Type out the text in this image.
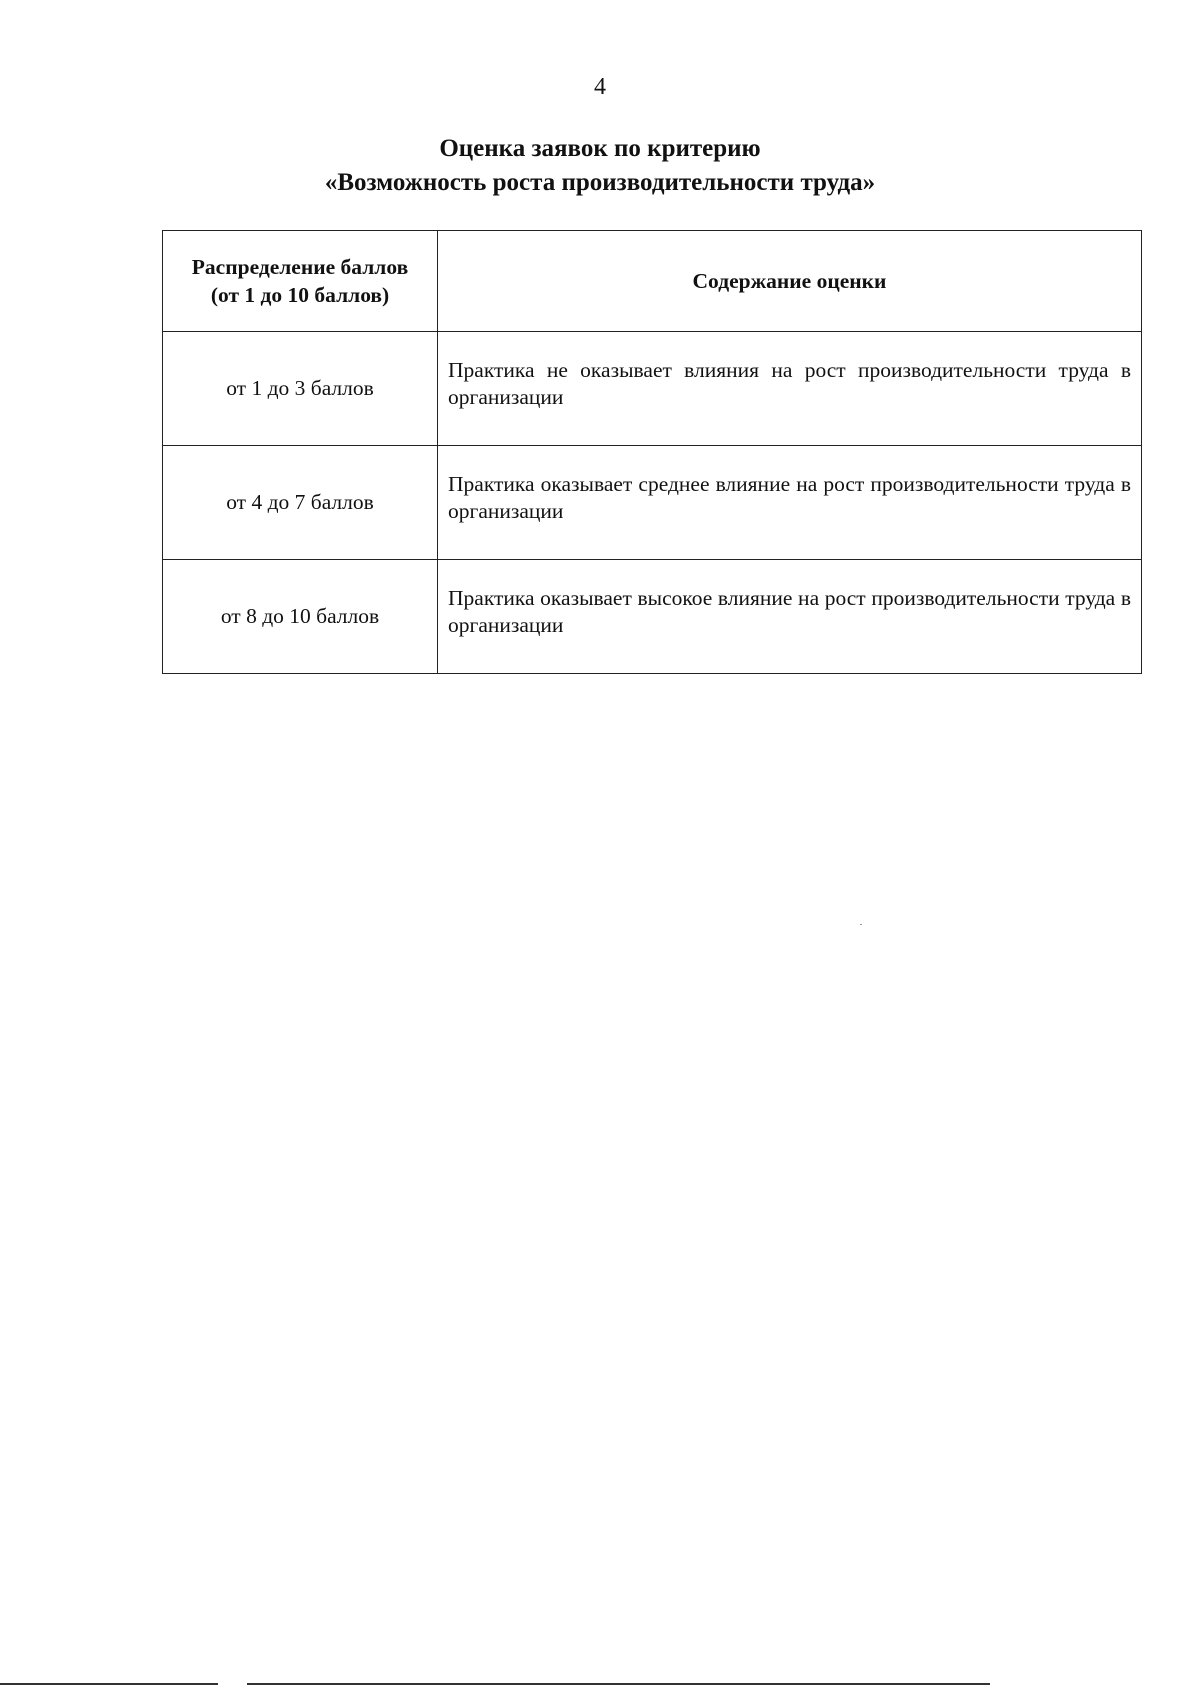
4
Оценка заявок по критерию
«Возможность роста производительности труда»
Распределение баллов
(от 1 до 10 баллов)	Содержание оценки
от 1 до 3 баллов	Практика не оказывает влияния на рост производительности труда в организации
от 4 до 7 баллов	Практика оказывает среднее влияние на рост производительности труда в организации
от 8 до 10 баллов	Практика оказывает высокое влияние на рост производительности труда в организации
